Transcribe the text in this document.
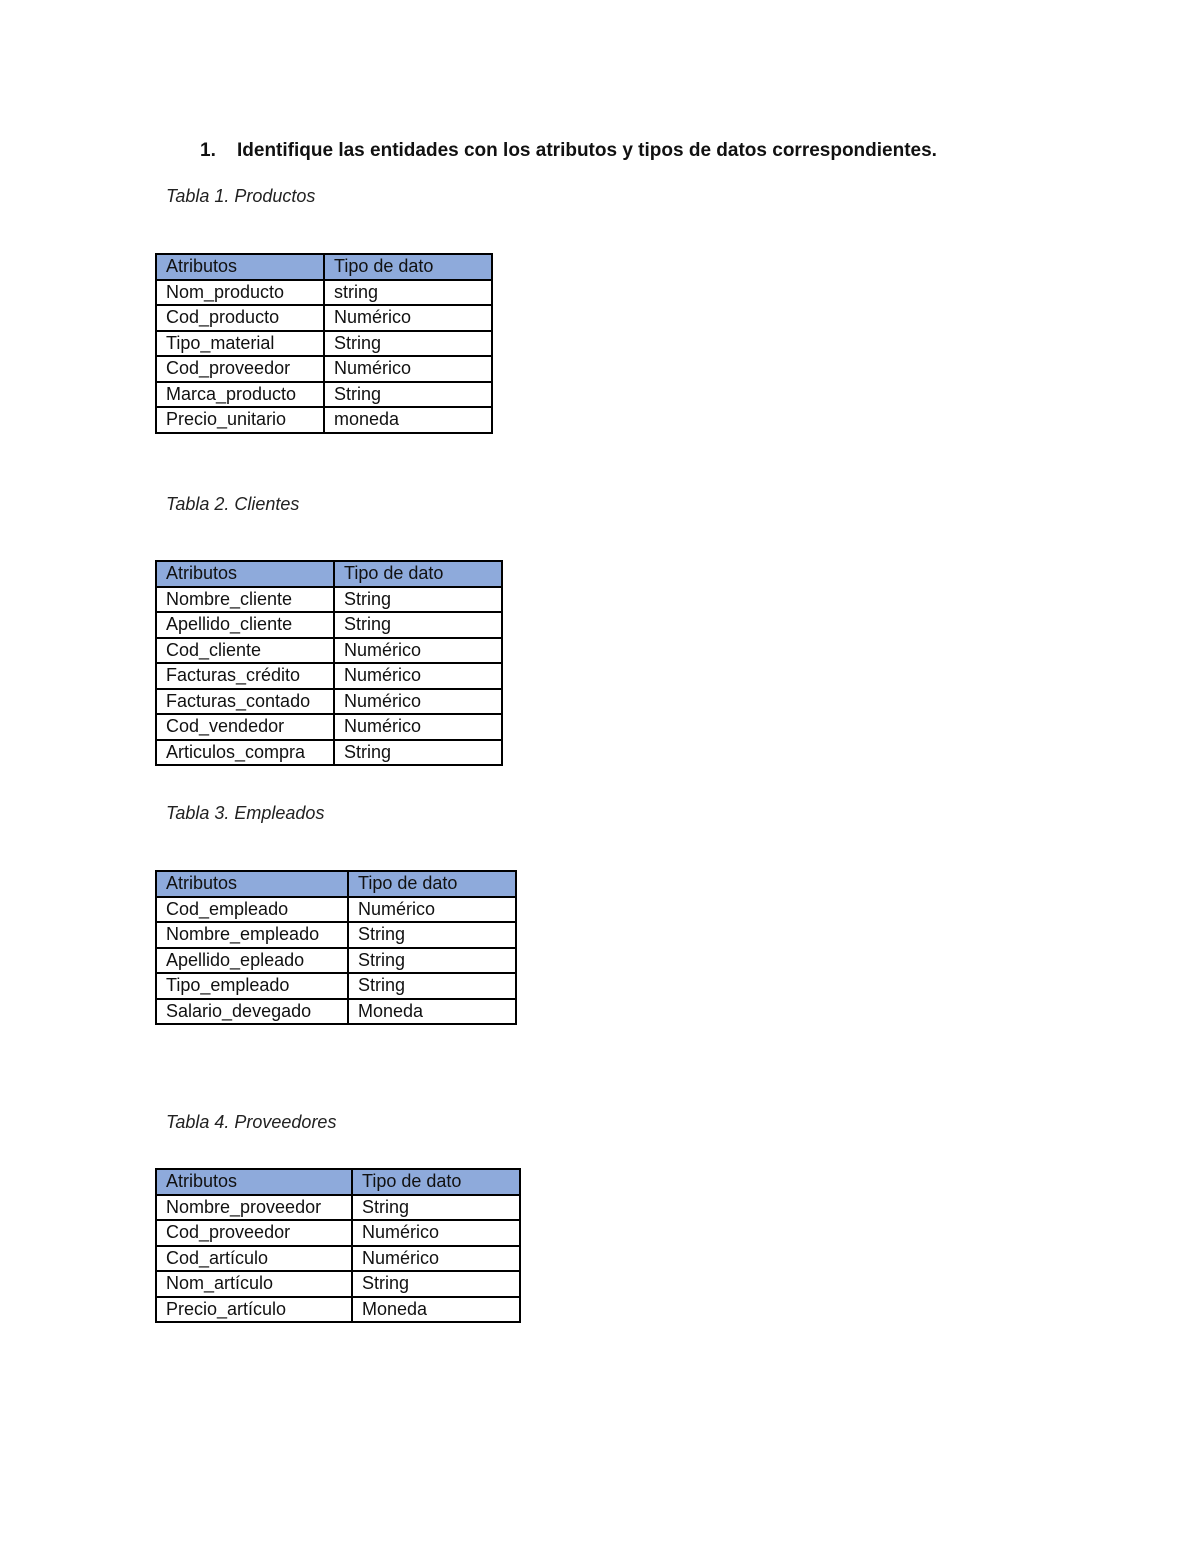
1. Identifique las entidades con los atributos y tipos de datos correspondientes.
Tabla 1. Productos
Atributos	Tipo de dato
Nom_producto	string
Cod_producto	Numérico
Tipo_material	String
Cod_proveedor	Numérico
Marca_producto	String
Precio_unitario	moneda
Tabla 2. Clientes
Atributos	Tipo de dato
Nombre_cliente	String
Apellido_cliente	String
Cod_cliente	Numérico
Facturas_crédito	Numérico
Facturas_contado	Numérico
Cod_vendedor	Numérico
Articulos_compra	String
Tabla 3. Empleados
Atributos	Tipo de dato
Cod_empleado	Numérico
Nombre_empleado	String
Apellido_epleado	String
Tipo_empleado	String
Salario_devegado	Moneda
Tabla 4. Proveedores
Atributos	Tipo de dato
Nombre_proveedor	String
Cod_proveedor	Numérico
Cod_artículo	Numérico
Nom_artículo	String
Precio_artículo	Moneda
